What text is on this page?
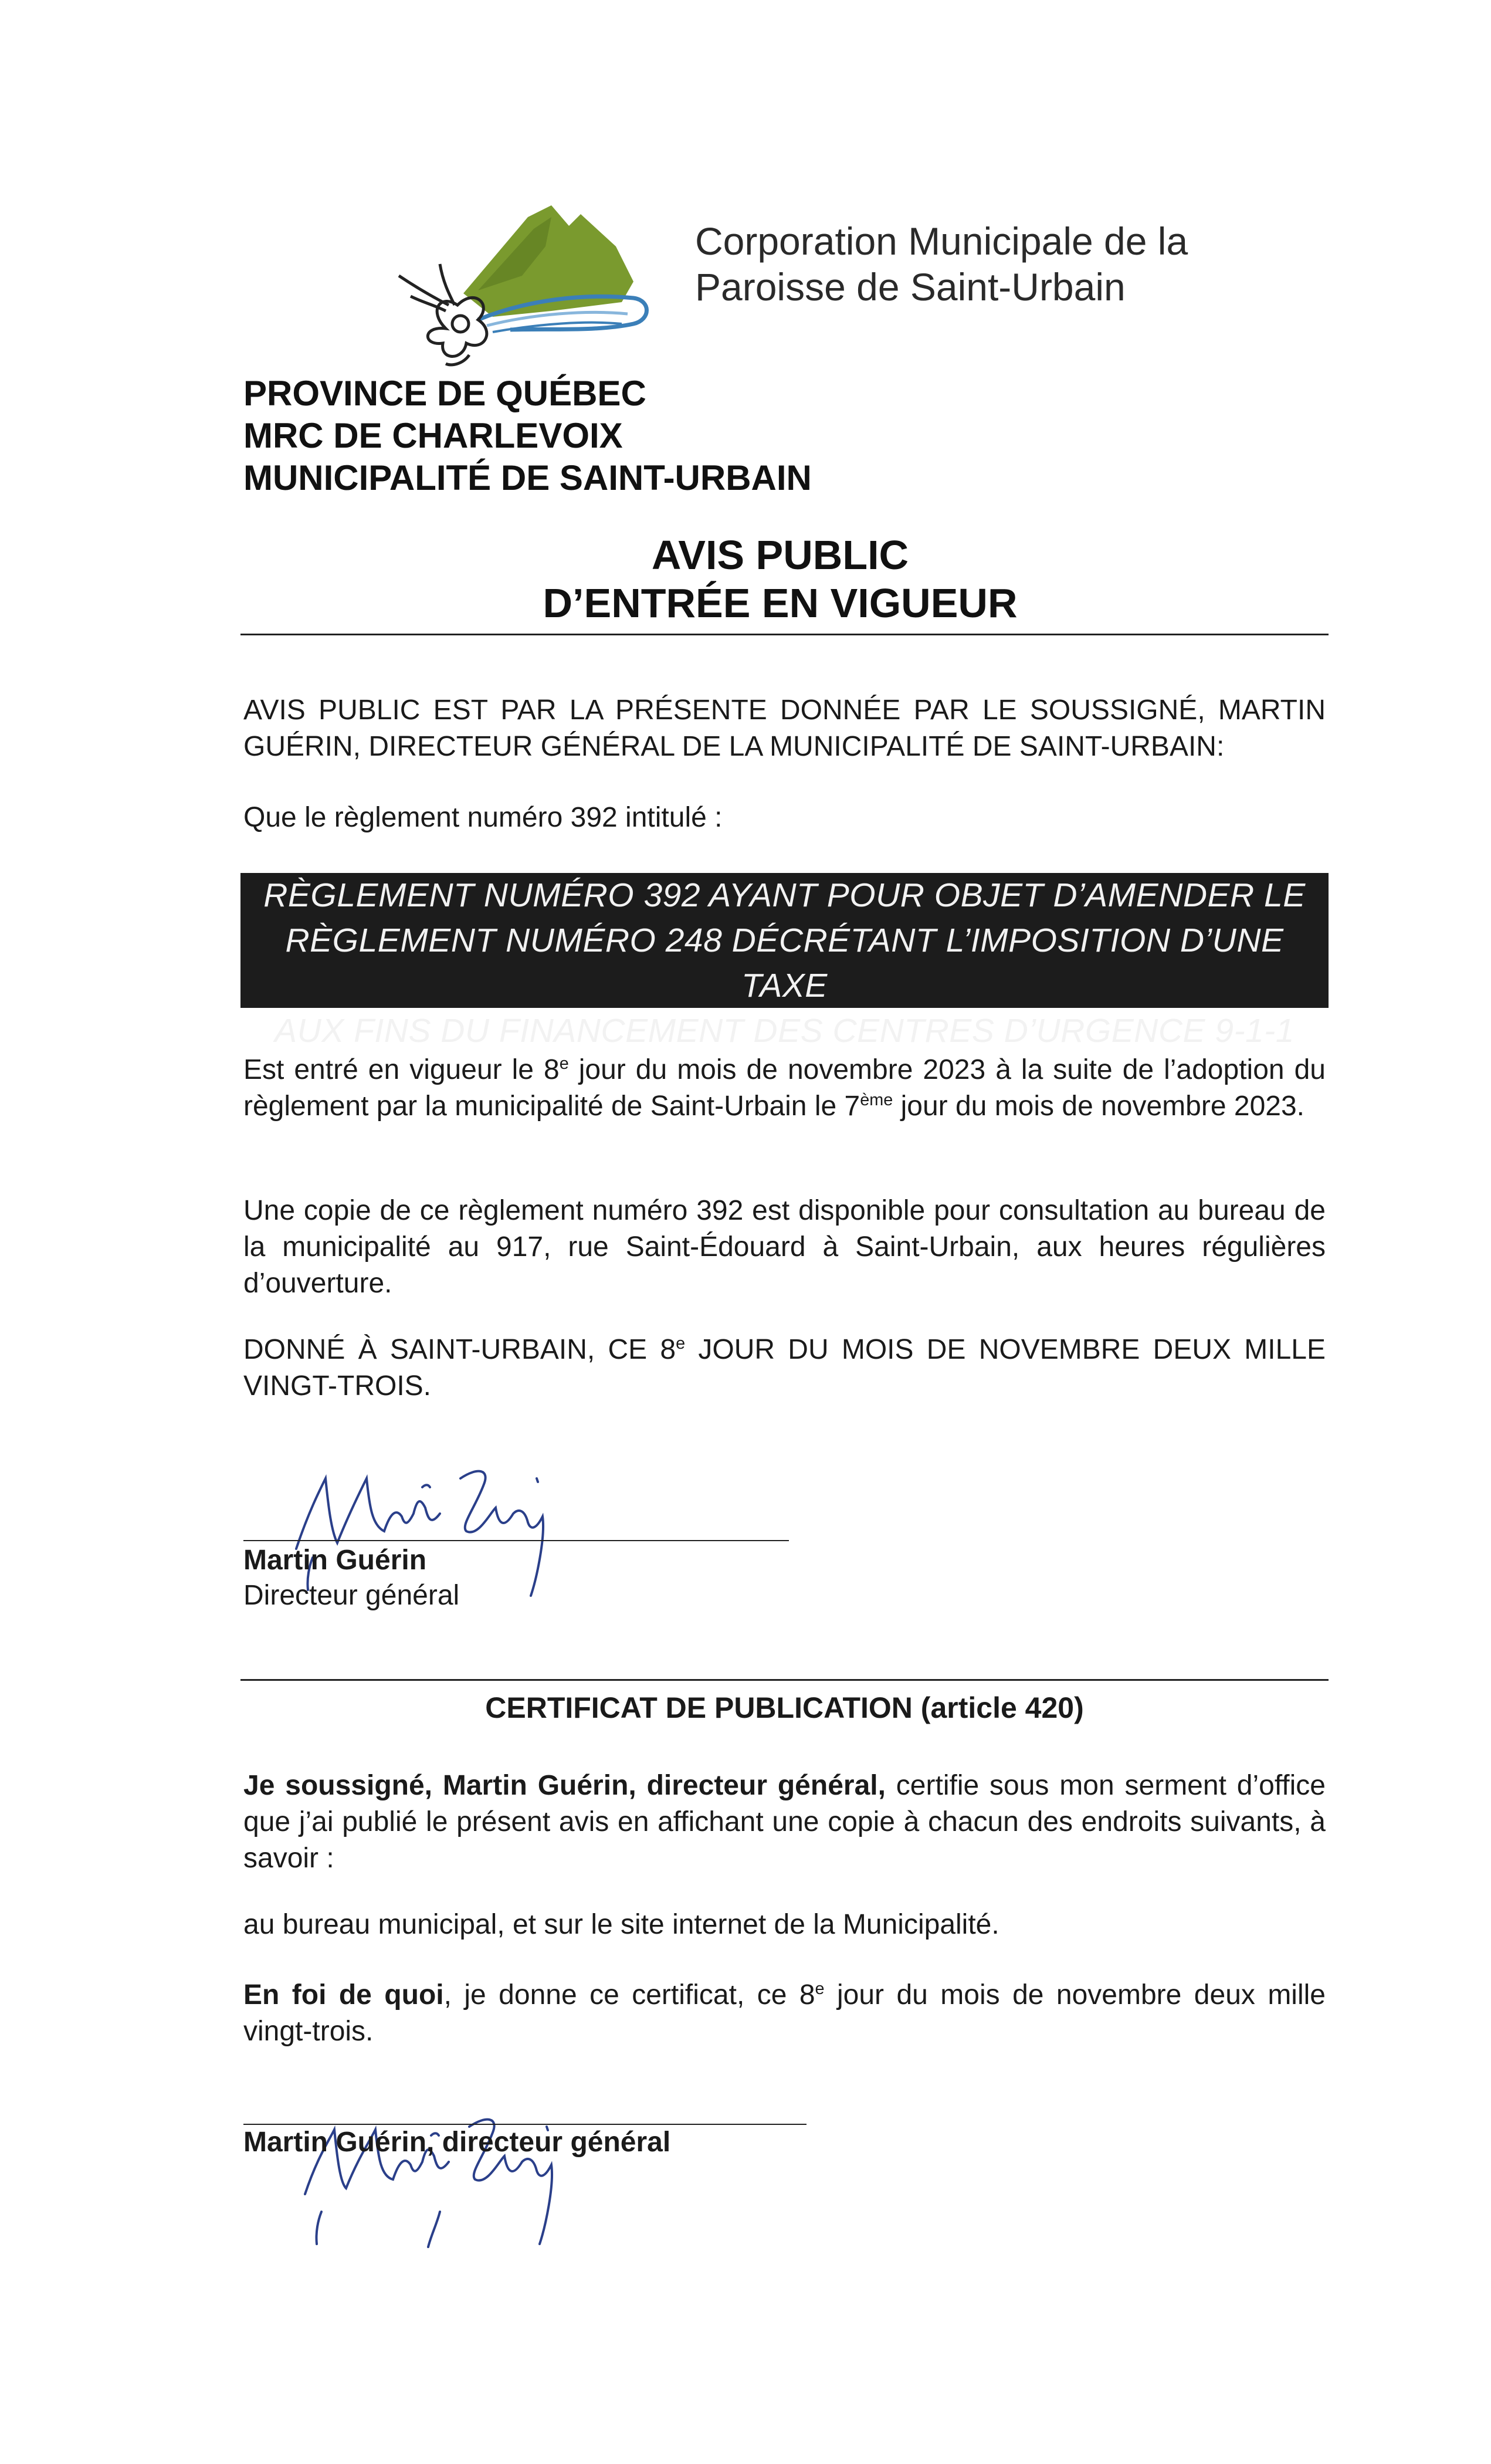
Corporation Municipale de la
Paroisse de Saint-Urbain
PROVINCE DE QUÉBEC
MRC DE CHARLEVOIX
MUNICIPALITÉ DE SAINT-URBAIN
AVIS PUBLIC
D’ENTRÉE EN VIGUEUR
AVIS PUBLIC EST PAR LA PRÉSENTE DONNÉE PAR LE SOUSSIGNÉ, MARTIN GUÉRIN, DIRECTEUR GÉNÉRAL DE LA MUNICIPALITÉ DE SAINT-URBAIN:
Que le règlement numéro 392 intitulé :
RÈGLEMENT NUMÉRO 392 AYANT POUR OBJET D’AMENDER LE
RÈGLEMENT NUMÉRO 248 DÉCRÉTANT L’IMPOSITION D’UNE TAXE
AUX FINS DU FINANCEMENT DES CENTRES D’URGENCE 9-1-1
Est entré en vigueur le 8e jour du mois de novembre 2023 à la suite de l’adoption du règlement par la municipalité de Saint-Urbain le 7ème jour du mois de novembre 2023.
Une copie de ce règlement numéro 392 est disponible pour consultation au bureau de la municipalité au 917, rue Saint-Édouard à Saint-Urbain, aux heures régulières d’ouverture.
DONNÉ À SAINT-URBAIN, CE 8e JOUR DU MOIS DE NOVEMBRE DEUX MILLE VINGT-TROIS.
Martin Guérin
Directeur général
CERTIFICAT DE PUBLICATION (article 420)
Je soussigné, Martin Guérin, directeur général, certifie sous mon serment d’office que j’ai publié le présent avis en affichant une copie à chacun des endroits suivants, à savoir :
au bureau municipal, et sur le site internet de la Municipalité.
En foi de quoi, je donne ce certificat, ce 8e jour du mois de novembre deux mille vingt-trois.
Martin Guérin, directeur général
